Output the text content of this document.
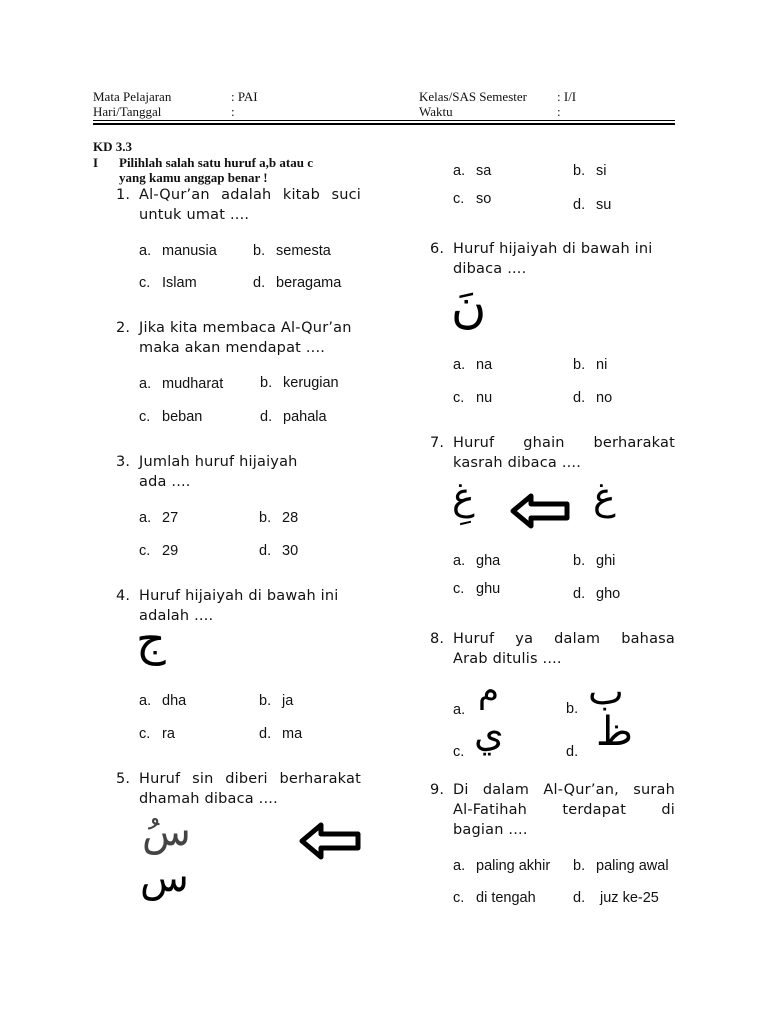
Mata Pelajaran	: PAI
Hari/Tanggal	:
Kelas/SAS Semester : I/I
Waktu	:
KD 3.3
I Pilihlah salah satu huruf a,b atau c
yang kamu anggap benar !
1. Al-Qur’an adalah kitab suci
untuk umat ....
a. manusia b. semesta
c. Islam	d. beragama
2. Jika kita membaca Al-Qur’an
maka akan mendapat ....
a. mudharat	b. kerugian
c. beban	d. pahala
3. Jumlah huruf hijaiyah
ada ....
a. 27	b. 28
c. 29	d. 30
4. Huruf hijaiyah di bawah ini
adalah ....
ج
a. dha	b. ja
c. ra	d. ma
5. Huruf sin diberi berharakat
dhamah dibaca ....
سُ
س
a. sa	b. si
c. so	d. su
6. Huruf hijaiyah di bawah ini
dibaca ....
نَ
a. na	b. ni
c. nu	d. no
7. Huruf ghain berharakat
kasrah dibaca ....
غِ	غ
a. gha	b. ghi
c. ghu	d. gho
8. Huruf ya dalam bahasa
Arab ditulis ....
a. م	b. ب
c. ي	d. ظ
9. Di dalam Al-Qur’an, surah
Al-Fatihah terdapat di
bagian ....
a. paling akhir b. paling awal
c. di tengah	d. juz ke-25
